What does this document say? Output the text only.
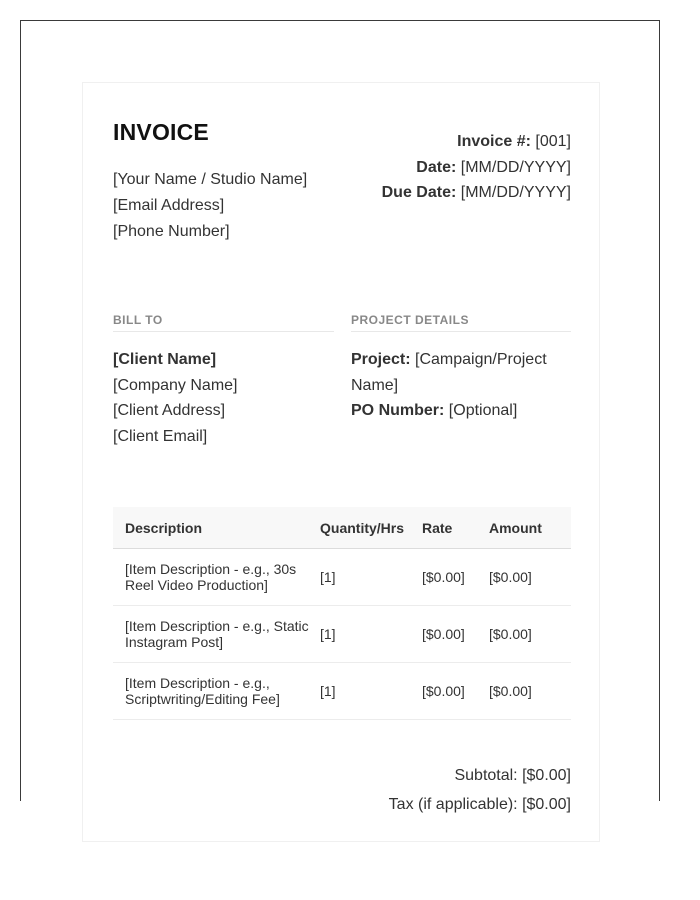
INVOICE
[Your Name / Studio Name]
[Email Address]
[Phone Number]
Invoice #: [001]
Date: [MM/DD/YYYY]
Due Date: [MM/DD/YYYY]
BILL TO	PROJECT DETAILS
[Client Name]
[Company Name]
[Client Address]
[Client Email]
Project: [Campaign/Project Name]
PO Number: [Optional]
Description	Quantity/Hrs	Rate	Amount
[Item Description - e.g., 30s Reel Video Production]	[1]	[$0.00]	[$0.00]
[Item Description - e.g., Static Instagram Post]	[1]	[$0.00]	[$0.00]
[Item Description - e.g., Scriptwriting/Editing Fee]	[1]	[$0.00]	[$0.00]
Subtotal: [$0.00]
Tax (if applicable): [$0.00]
